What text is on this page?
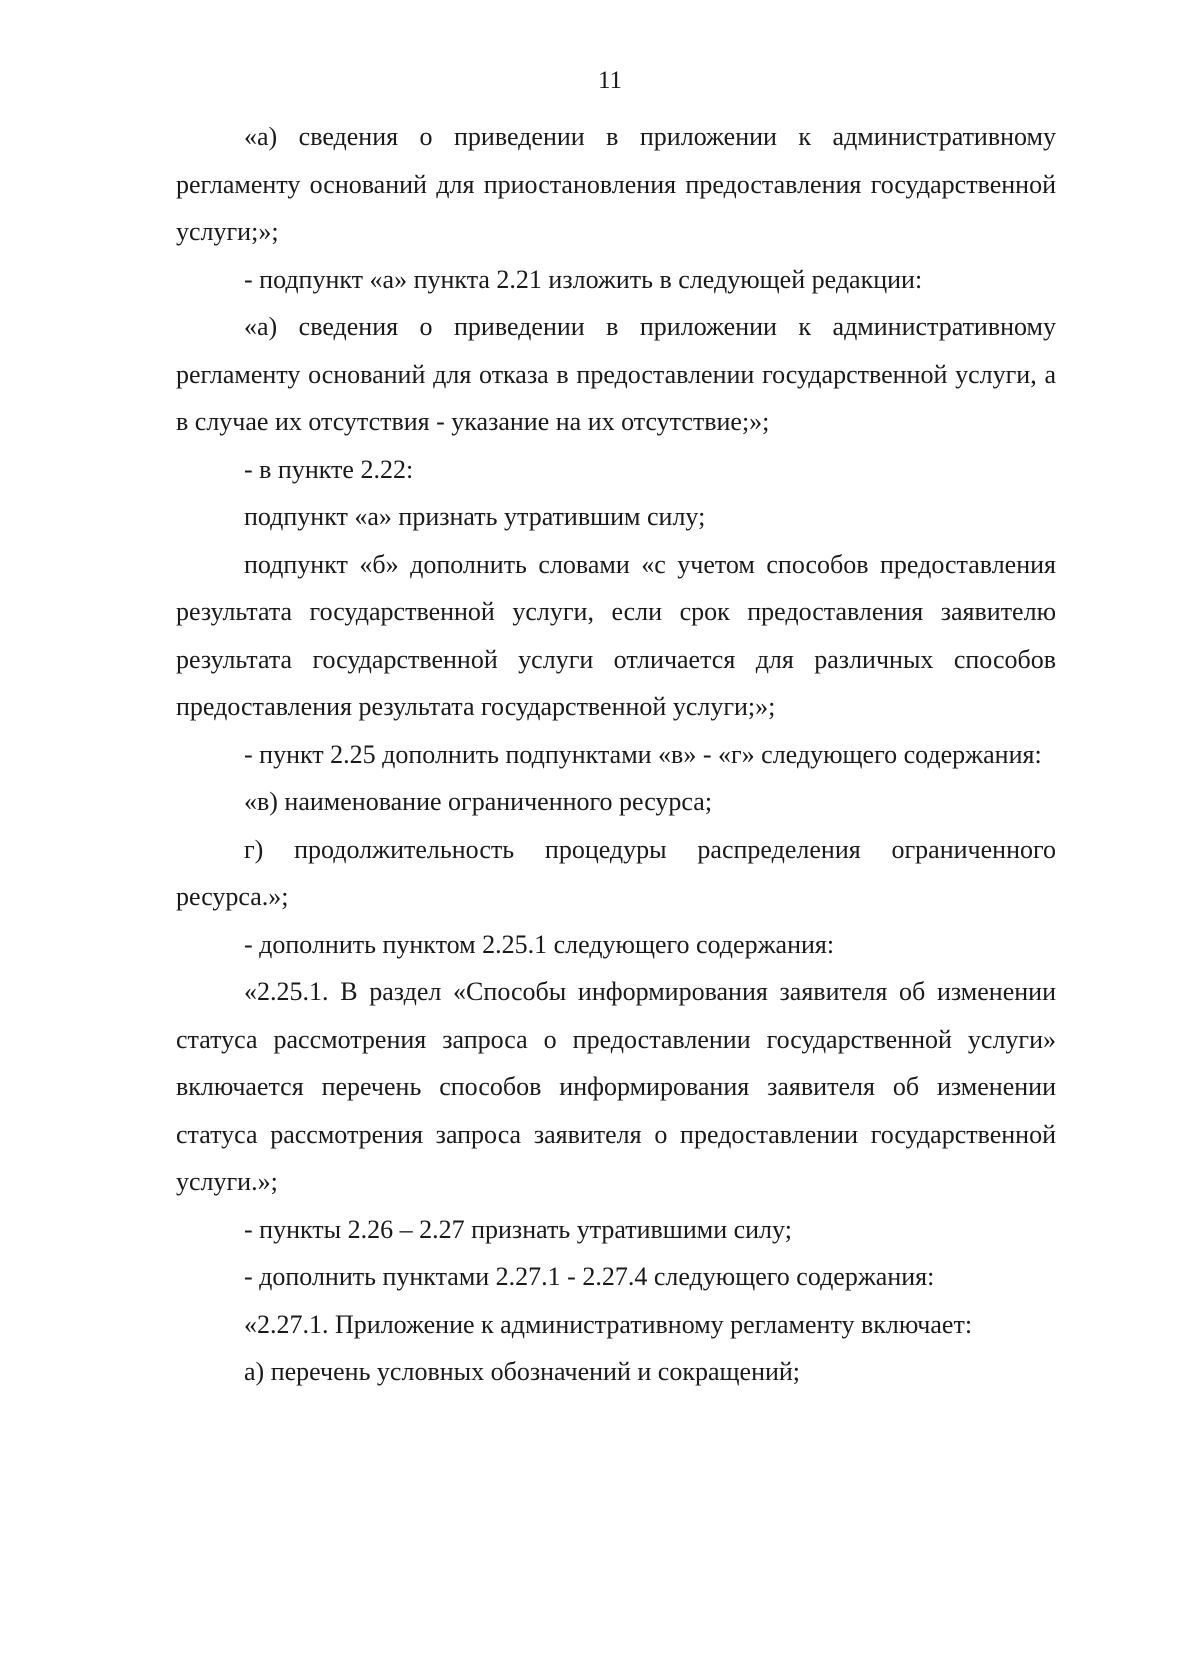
11

«а) сведения о приведении в приложении к административному регламенту оснований для приостановления предоставления государственной услуги;»;

- подпункт «а» пункта 2.21 изложить в следующей редакции:

«а) сведения о приведении в приложении к административному регламенту оснований для отказа в предоставлении государственной услуги, а в случае их отсутствия - указание на их отсутствие;»;

- в пункте 2.22:

подпункт «а» признать утратившим силу;

подпункт «б» дополнить словами «с учетом способов предоставления результата государственной услуги, если срок предоставления заявителю результата государственной услуги отличается для различных способов предоставления результата государственной услуги;»;

- пункт 2.25 дополнить подпунктами «в» - «г» следующего содержания:

«в) наименование ограниченного ресурса;

г) продолжительность процедуры распределения ограниченного ресурса.»;

- дополнить пунктом 2.25.1 следующего содержания:

«2.25.1. В раздел «Способы информирования заявителя об изменении статуса рассмотрения запроса о предоставлении государственной услуги» включается перечень способов информирования заявителя об изменении статуса рассмотрения запроса заявителя о предоставлении государственной услуги.»;

- пункты 2.26 – 2.27 признать утратившими силу;

- дополнить пунктами 2.27.1 - 2.27.4 следующего содержания:

«2.27.1. Приложение к административному регламенту включает:

а) перечень условных обозначений и сокращений;
